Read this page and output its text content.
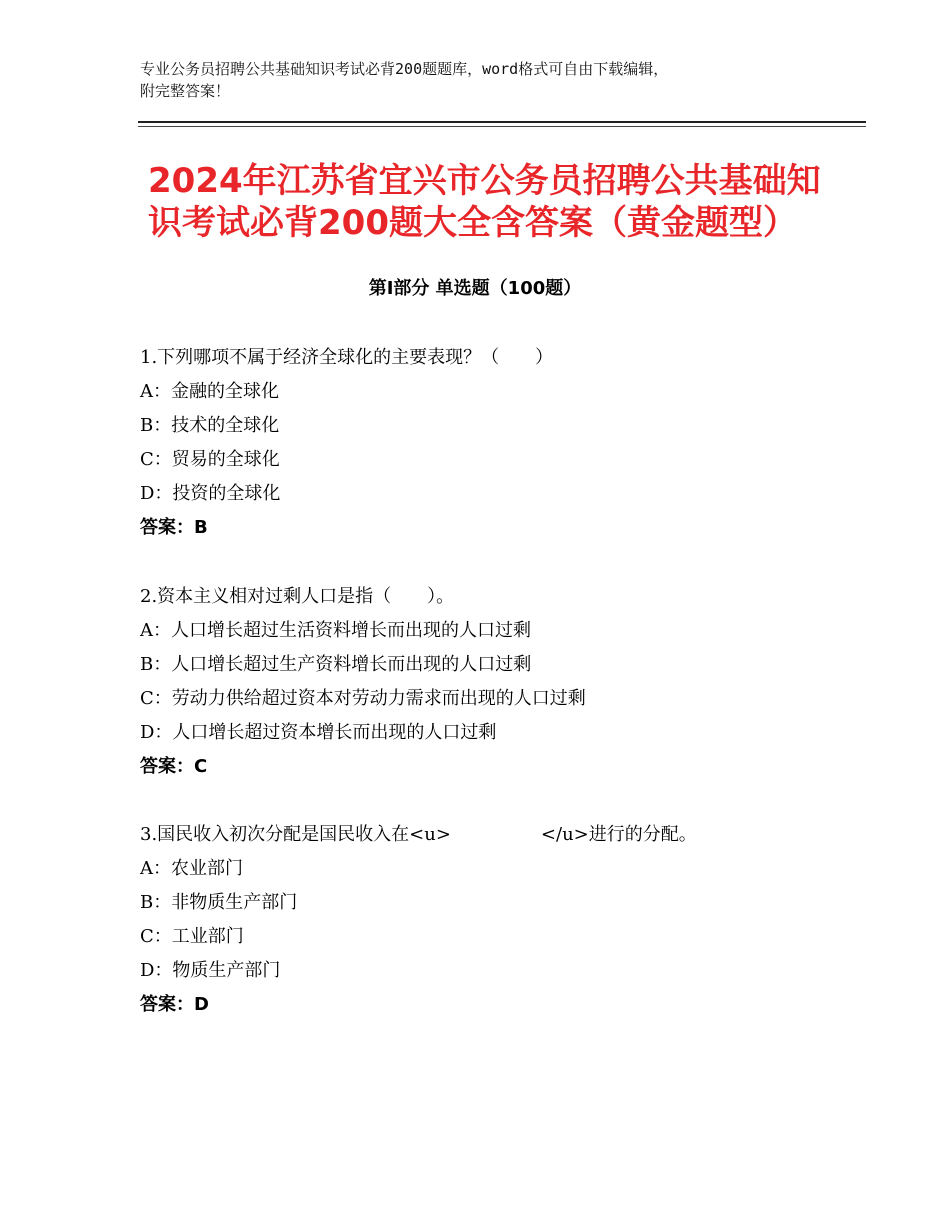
专业公务员招聘公共基础知识考试必背200题题库，word格式可自由下载编辑，
附完整答案！
2024年江苏省宜兴市公务员招聘公共基础知
识考试必背200题大全含答案（黄金题型）
第Ⅰ部分 单选题（100题）
1.下列哪项不属于经济全球化的主要表现？（　　）
A：金融的全球化
B：技术的全球化
C：贸易的全球化
D：投资的全球化
答案：B
2.资本主义相对过剩人口是指（　　）。
A：人口增长超过生活资料增长而出现的人口过剩
B：人口增长超过生产资料增长而出现的人口过剩
C：劳动力供给超过资本对劳动力需求而出现的人口过剩
D：人口增长超过资本增长而出现的人口过剩
答案：C
3.国民收入初次分配是国民收入在<u>　　　　　</u>进行的分配。
A：农业部门
B：非物质生产部门
C：工业部门
D：物质生产部门
答案：D
